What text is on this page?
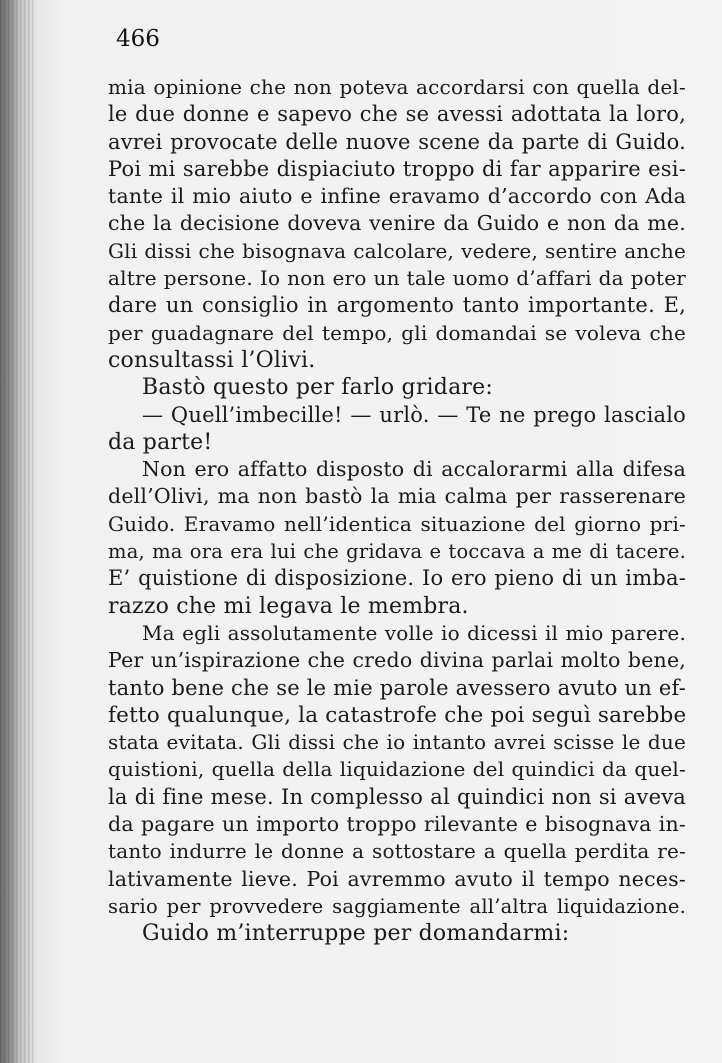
466
mia opinione che non poteva accordarsi con quella del-
le due donne e sapevo che se avessi adottata la loro,
avrei provocate delle nuove scene da parte di Guido.
Poi mi sarebbe dispiaciuto troppo di far apparire esi-
tante il mio aiuto e infine eravamo d’accordo con Ada
che la decisione doveva venire da Guido e non da me.
Gli dissi che bisognava calcolare, vedere, sentire anche
altre persone. Io non ero un tale uomo d’affari da poter
dare un consiglio in argomento tanto importante. E,
per guadagnare del tempo, gli domandai se voleva che
consultassi l’Olivi.
Bastò questo per farlo gridare:
— Quell’imbecille! — urlò. — Te ne prego lascialo
da parte!
Non ero affatto disposto di accalorarmi alla difesa
dell’Olivi, ma non bastò la mia calma per rasserenare
Guido. Eravamo nell’identica situazione del giorno pri-
ma, ma ora era lui che gridava e toccava a me di tacere.
E’ quistione di disposizione. Io ero pieno di un imba-
razzo che mi legava le membra.
Ma egli assolutamente volle io dicessi il mio parere.
Per un’ispirazione che credo divina parlai molto bene,
tanto bene che se le mie parole avessero avuto un ef-
fetto qualunque, la catastrofe che poi seguì sarebbe
stata evitata. Gli dissi che io intanto avrei scisse le due
quistioni, quella della liquidazione del quindici da quel-
la di fine mese. In complesso al quindici non si aveva
da pagare un importo troppo rilevante e bisognava in-
tanto indurre le donne a sottostare a quella perdita re-
lativamente lieve. Poi avremmo avuto il tempo neces-
sario per provvedere saggiamente all’altra liquidazione.
Guido m’interruppe per domandarmi:
